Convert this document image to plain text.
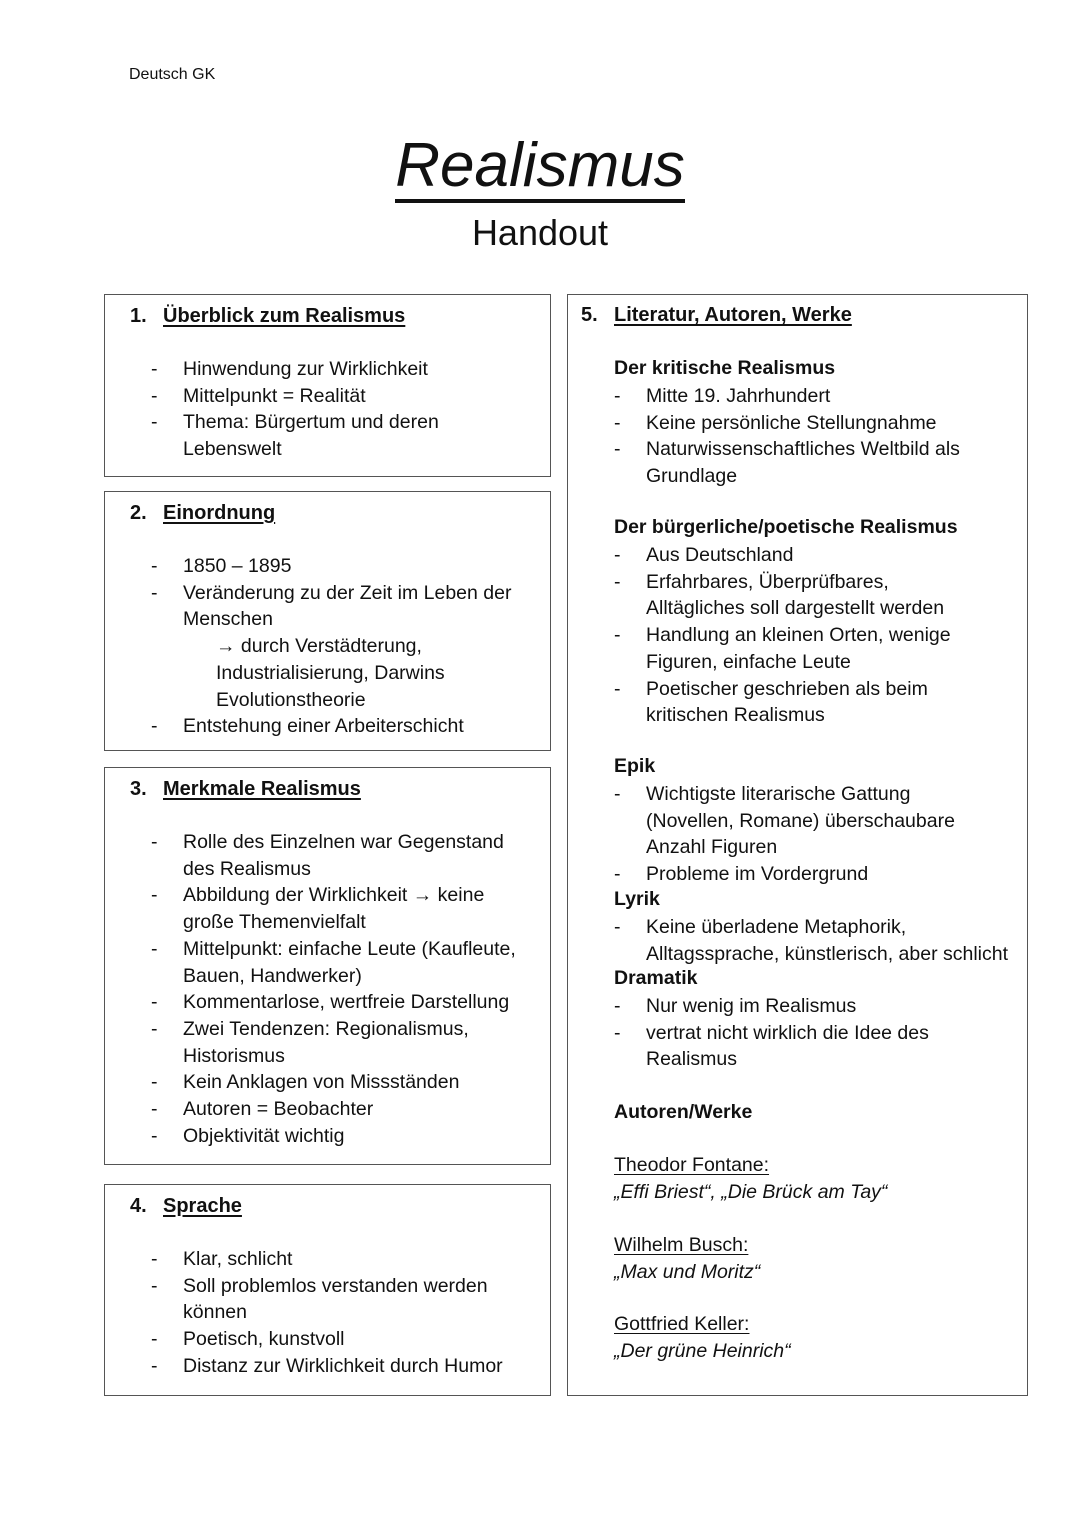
Deutsch GK
Realismus
Handout
1. Überblick zum Realismus
- Hinwendung zur Wirklichkeit
- Mittelpunkt = Realität
- Thema: Bürgertum und deren Lebenswelt
2. Einordnung
- 1850 – 1895
- Veränderung zu der Zeit im Leben der Menschen
→ durch Verstädterung, Industrialisierung, Darwins Evolutionstheorie
- Entstehung einer Arbeiterschicht
3. Merkmale Realismus
- Rolle des Einzelnen war Gegenstand des Realismus
- Abbildung der Wirklichkeit → keine große Themenvielfalt
- Mittelpunkt: einfache Leute (Kaufleute, Bauen, Handwerker)
- Kommentarlose, wertfreie Darstellung
- Zwei Tendenzen: Regionalismus, Historismus
- Kein Anklagen von Missständen
- Autoren = Beobachter
- Objektivität wichtig
4. Sprache
- Klar, schlicht
- Soll problemlos verstanden werden können
- Poetisch, kunstvoll
- Distanz zur Wirklichkeit durch Humor
5. Literatur, Autoren, Werke
Der kritische Realismus
- Mitte 19. Jahrhundert
- Keine persönliche Stellungnahme
- Naturwissenschaftliches Weltbild als Grundlage
Der bürgerliche/poetische Realismus
- Aus Deutschland
- Erfahrbares, Überprüfbares, Alltägliches soll dargestellt werden
- Handlung an kleinen Orten, wenige Figuren, einfache Leute
- Poetischer geschrieben als beim kritischen Realismus
Epik
- Wichtigste literarische Gattung (Novellen, Romane) überschaubare Anzahl Figuren
- Probleme im Vordergrund
Lyrik
- Keine überladene Metaphorik, Alltagssprache, künstlerisch, aber schlicht
Dramatik
- Nur wenig im Realismus
- vertrat nicht wirklich die Idee des Realismus
Autoren/Werke
Theodor Fontane:
„Effi Briest“, „Die Brück am Tay“
Wilhelm Busch:
„Max und Moritz“
Gottfried Keller:
„Der grüne Heinrich“
